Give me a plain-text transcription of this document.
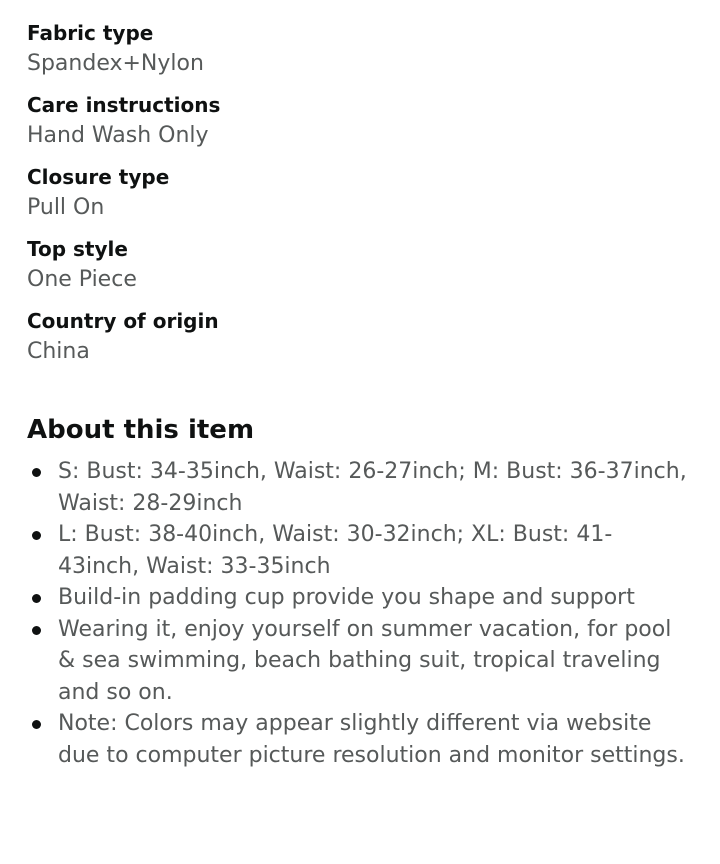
Fabric type
Spandex+Nylon
Care instructions
Hand Wash Only
Closure type
Pull On
Top style
One Piece
Country of origin
China
About this item
S: Bust: 34-35inch, Waist: 26-27inch; M: Bust: 36-37inch, Waist: 28-29inch
L: Bust: 38-40inch, Waist: 30-32inch; XL: Bust: 41-43inch, Waist: 33-35inch
Build-in padding cup provide you shape and support
Wearing it, enjoy yourself on summer vacation, for pool & sea swimming, beach bathing suit, tropical traveling and so on.
Note: Colors may appear slightly different via website due to computer picture resolution and monitor settings.
